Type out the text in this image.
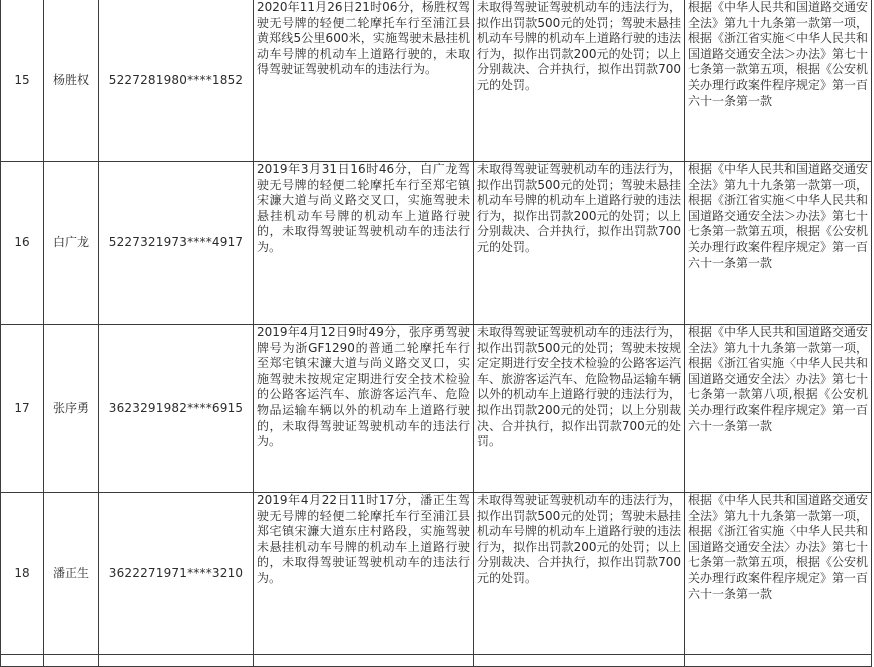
15	杨胜权	5227281980****1852	2020年11月26日21时06分，杨胜权驾驶无号牌的轻便二轮摩托车行至浦江县黄郑线5公里600米，实施驾驶未悬挂机动车号牌的机动车上道路行驶的，未取得驾驶证驾驶机动车的违法行为。	未取得驾驶证驾驶机动车的违法行为，拟作出罚款500元的处罚；驾驶未悬挂机动车号牌的机动车上道路行驶的违法行为，拟作出罚款200元的处罚；以上分别裁决、合并执行，拟作出罚款700元的处罚。	根据《中华人民共和国道路交通安全法》第九十九条第一款第一项，根据《浙江省实施＜中华人民共和国道路交通安全法＞办法》第七十七条第一款第五项，根据《公安机关办理行政案件程序规定》第一百六十一条第一款
16	白广龙	5227321973****4917	2019年3月31日16时46分，白广龙驾驶无号牌的轻便二轮摩托车行至郑宅镇宋濂大道与尚义路交叉口，实施驾驶未悬挂机动车号牌的机动车上道路行驶的，未取得驾驶证驾驶机动车的违法行为。	未取得驾驶证驾驶机动车的违法行为，拟作出罚款500元的处罚；驾驶未悬挂机动车号牌的机动车上道路行驶的违法行为，拟作出罚款200元的处罚；以上分别裁决、合并执行，拟作出罚款700元的处罚。	根据《中华人民共和国道路交通安全法》第九十九条第一款第一项，根据《浙江省实施＜中华人民共和国道路交通安全法＞办法》第七十七条第一款第五项，根据《公安机关办理行政案件程序规定》第一百六十一条第一款
17	张序勇	3623291982****6915	2019年4月12日9时49分，张序勇驾驶牌号为浙GF1290的普通二轮摩托车行至郑宅镇宋濂大道与尚义路交叉口，实施驾驶未按规定定期进行安全技术检验的公路客运汽车、旅游客运汽车、危险物品运输车辆以外的机动车上道路行驶的，未取得驾驶证驾驶机动车的违法行为。	未取得驾驶证驾驶机动车的违法行为，拟作出罚款500元的处罚；驾驶未按规定定期进行安全技术检验的公路客运汽车、旅游客运汽车、危险物品运输车辆以外的机动车上道路行驶的违法行为，拟作出罚款200元的处罚；以上分别裁决、合并执行，拟作出罚款700元的处罚。	根据《中华人民共和国道路交通安全法》第九十九条第一款第一项，根据《浙江省实施〈中华人民共和国道路交通安全法〉办法》第七十七条第一款第八项,根据《公安机关办理行政案件程序规定》第一百六十一条第一款
18	潘正生	3622271971****3210	2019年4月22日11时17分，潘正生驾驶无号牌的轻便二轮摩托车行至浦江县郑宅镇宋濂大道东庄村路段，实施驾驶未悬挂机动车号牌的机动车上道路行驶的，未取得驾驶证驾驶机动车的违法行为。	未取得驾驶证驾驶机动车的违法行为，拟作出罚款500元的处罚；驾驶未悬挂机动车号牌的机动车上道路行驶的违法行为，拟作出罚款200元的处罚；以上分别裁决、合并执行，拟作出罚款700元的处罚。	根据《中华人民共和国道路交通安全法》第九十九条第一款第一项，根据《浙江省实施〈中华人民共和国道路交通安全法〉办法》第七十七条第一款第五项，根据《公安机关办理行政案件程序规定》第一百六十一条第一款
